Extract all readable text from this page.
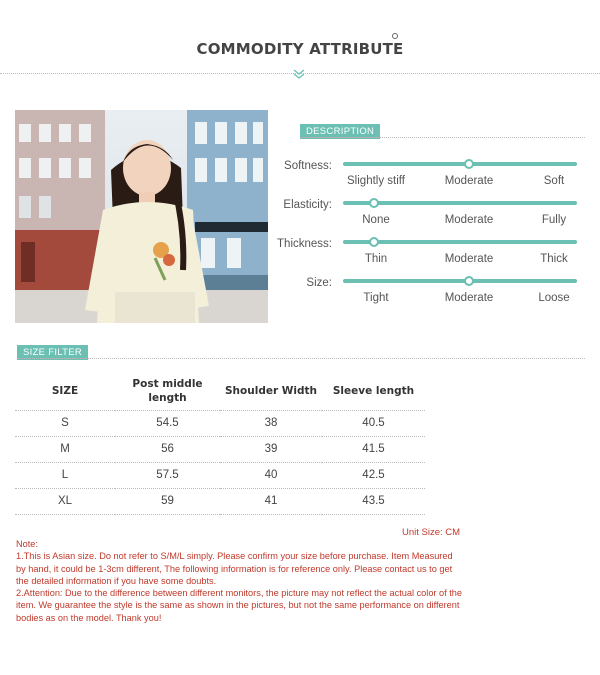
COMMODITY ATTRIBUTE
DESCRIPTION
Softness:
Slightly stiff	Moderate	Soft
Elasticity:
None	Moderate	Fully
Thickness:
Thin	Moderate	Thick
Size:
Tight	Moderate	Loose
SIZE FILTER
SIZE	Post middle length	Shoulder Width	Sleeve length
S	54.5	38	40.5
M	56	39	41.5
L	57.5	40	42.5
XL	59	41	43.5
Unit Size: CM
Note:
1.This is Asian size. Do not refer to S/M/L simply. Please confirm your size before purchase. Item Measured by hand, it could be 1-3cm different, The following information is for reference only. Please contact us to get the detailed information if you have some doubts.
2.Attention: Due to the difference between different monitors, the picture may not reflect the actual color of the item. We guarantee the style is the same as shown in the pictures, but not the same performance on different bodies as on the model. Thank you!
